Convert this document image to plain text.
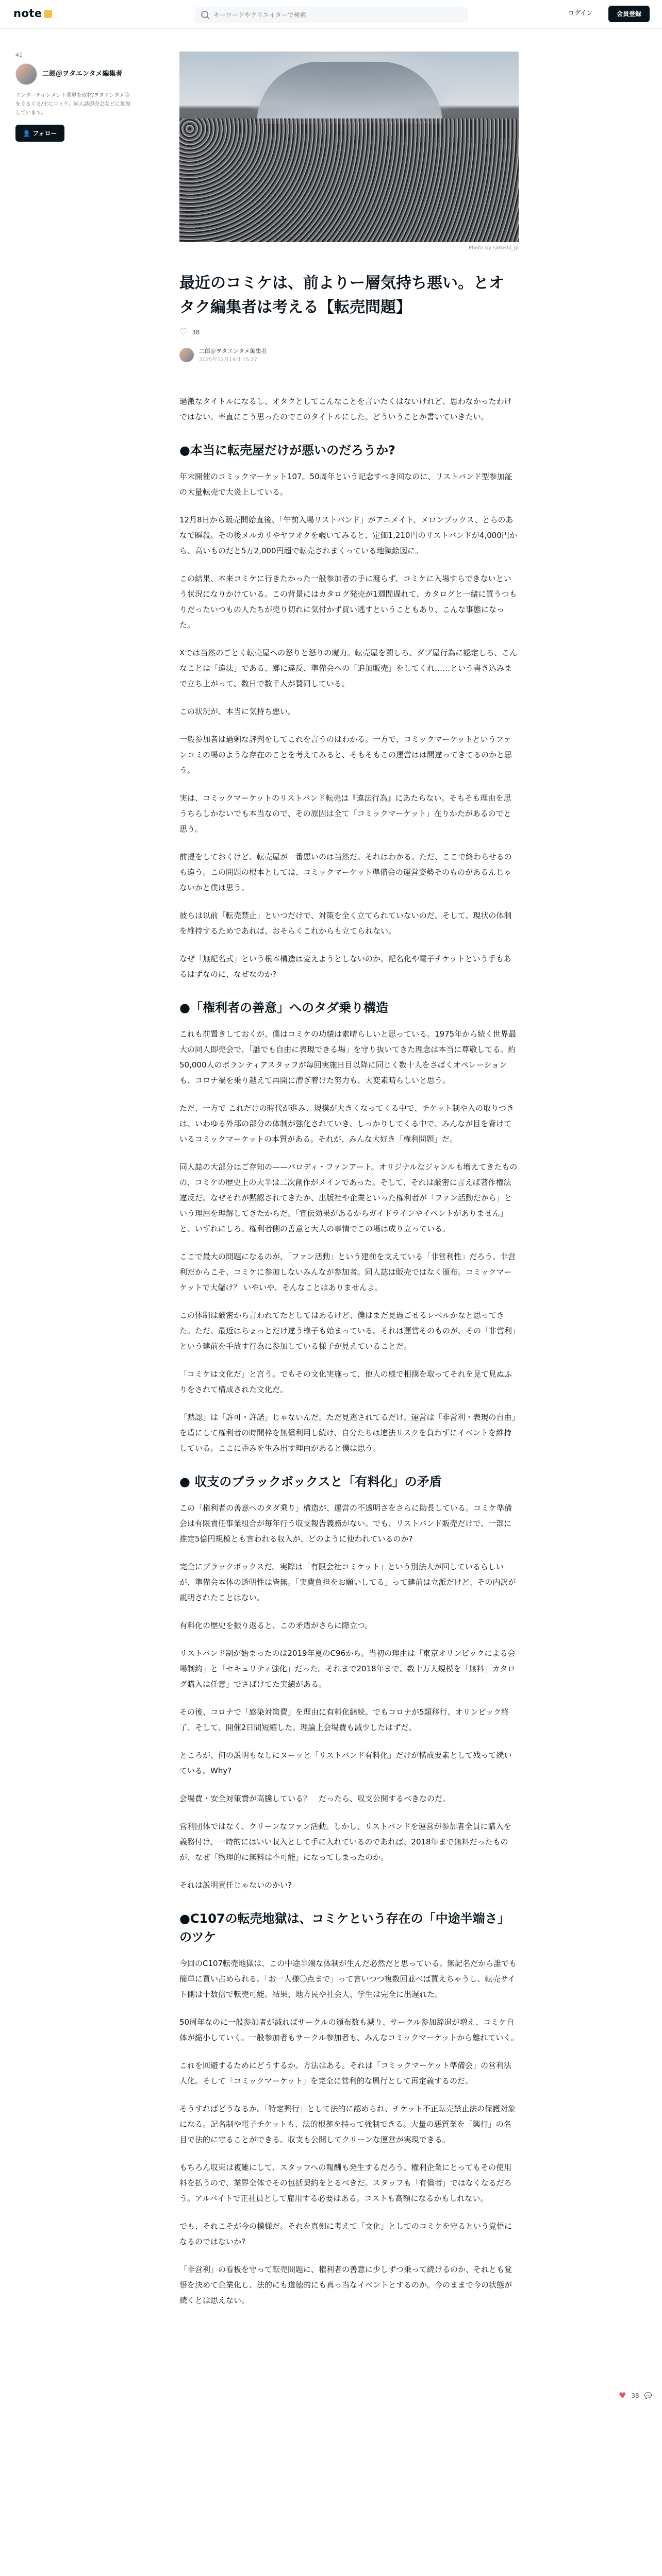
note
キーワードやクリエイターで検索	ログイン	会員登録
41
二郎＠ヲタエンタメ編集者
エンターテインメント業界を取材/ヲタエンタメ等をぐるぐる/主にコミケ、同人誌即売会などに参加しています。
👤 フォロー
Photo by satoshi_jp
最近のコミケは、前よりー層気持ち悪い。とオタク編集者は考える【転売問題】
♡ 38
二郎＠ヲタエンタメ編集者
2025年12月14日 15:27

過激なタイトルになるし、オタクとしてこんなことを言いたくはないけれど、思わなかったわけではない。率直にこう思ったのでこのタイトルにした。どういうことか書いていきたい。

●本当に転売屋だけが悪いのだろうか?

年末開催のコミックマーケット107。50周年という記念すべき回なのに、リストバンド型参加証の大量転売で大炎上している。

12月8日から販売開始直後、「午前入場リストバンド」がアニメイト、メロンブックス、とらのあなで瞬殺。その後メルカリやヤフオクを覗いてみると、定価1,210円のリストバンドが4,000円から、高いものだと5万2,000円超で転売されまくっている地獄絵図に。

この結果、本来コミケに行きたかった一般参加者の手に渡らず、コミケに入場すらできないという状況になりかけている。この背景にはカタログ発売が1週間遅れて、カタログと一緒に買うつもりだったいつもの人たちが売り切れに気付かず買い逃すということもあり、こんな事態になった。

Xでは当然のごとく転売屋への怒りと怒りの魔力。転売屋を罰しろ、ダブ屋行為に認定しろ、こんなことは「違法」である、郷に違反、準備会への「追加販売」をしてくれ……という書き込みまで立ち上がって、数日で数千人が賛同している。

この状況が、本当に気持ち悪い。

一般参加者は過剰な評判をしてこれを言うのはわかる。一方で、コミックマーケットというファンコミの場のような存在のことを考えてみると、そもそもこの運営はは間違ってきてるのかと思う。

実は、コミックマーケットのリストバンド転売は『違法行為』にあたらない。そもそも理由を思うちらしかないでも本当なので、その原因は全て「コミックマーケット」在りかたがあるのでと思う。

前提をしておくけど、転売屋が一番悪いのは当然だ。それはわかる。ただ、ここで終わらせるのも違う。この問題の根本としては、コミックマーケット準備会の運営姿勢そのものがあるんじゃないかと僕は思う。

彼らは以前「転売禁止」といつだけで、対策を全く立てられていないのだ。そして、現状の体制を維持するためであれば、おそらくこれからも立てられない。

なぜ「無記名式」という根本構造は変えようとしないのか。記名化や電子チケットという手もあるはずなのに、なぜなのか?

●「権利者の善意」へのタダ乗り構造

これも前置きしておくが、僕はコミケの功績は素晴らしいと思っている。1975年から続く世界最大の同人即売会で、「誰でも自由に表現できる場」を守り抜いてきた理念は本当に尊敬してる。約50,000人のボランティアスタッフが毎回実施日目以降に同じく数十人をさばくオペレーションも、コロナ禍を乗り越えて再開に漕ぎ着けた努力も、大変素晴らしいと思う。

ただ、一方で これだけの時代が進み、規模が大きくなってくる中で、チケット制や入の取りつきは、いわゆる外部の部分の体制が強化されていき、しっかりしてくる中で、みんなが目を背けているコミックマーケットの本質がある。それが、みんな大好き「権利問題」だ。

同人誌の大部分はご存知の——パロディ・ファンアート。オリジナルなジャンルも増えてきたものの、コミケの歴史上の大半は二次創作がメインであった。そして、それは厳密に言えば著作権法違反だ。なぜそれが黙認されてきたか、出版社や企業といった権利者が「ファン活動だから」という理屈を理解してきたからだ。「宣伝効果があるからガイドラインやイベントがありません」と、いずれにしろ、権利者側の善意と大人の事情でこの場は成り立っている。

ここで最大の問題になるのが、「ファン活動」という建前を支えている「非営利性」だろう。非営利だからこそ、コミケに参加しないみんなが参加者。同人誌は販売ではなく頒布。コミックマーケットで大儲け？ いやいや、そんなことはありませんよ。

この体制は厳密から言われてたとしてはあるけど、僕はまだ見過ごせるレベルかなと思ってきた。ただ、最近はちょっとだけ違う様子も始まっている。それは運営そのものが、その「非営利」という建前を手放す行為に参加している様子が見えていることだ。

「コミケは文化だ」と言う。でもその文化実施って、他人の様で相撲を取ってそれを見て見ぬふりをされて構成された文化だ。

「黙認」は「許可・許諾」じゃないんだ。ただ見逃されてるだけ。運営は「非営利・表現の自由」を盾にして権利者の時間枠を無償利用し続け、自分たちは違法リスクを負わずにイベントを維持している。ここに歪みを生み出す理由があると僕は思う。

● 収支のブラックボックスと「有料化」の矛盾

この「権利者の善意へのタダ乗り」構造が、運営の不透明さをさらに助長している。コミケ準備会は有限責任事業組合が毎年行う収支報告義務がない。でも、リストバンド販売だけで、一部に推定5億円規模とも言われる収入が、どのように使われているのか?

完全にブラックボックスだ。実際は「有限会社コミケット」という別法人が回しているらしいが、準備会本体の透明性は皆無。「実費負担をお願いしてる」って建前は立派だけど、その内訳が説明されたことはない。

有料化の歴史を振り返ると、この矛盾がさらに際立つ。

リストバンド制が始まったのは2019年夏のC96から。当初の理由は「東京オリンピックによる会場制約」と「セキュリティ強化」だった。それまで2018年まで、数十万人規模を「無料」カタログ購入は任意」でさばけてた実績がある。

その後、コロナで「感染対策費」を理由に有料化継続。でもコロナが5類移行、オリンピック終了、そして、開催2日間短縮した。理論上会場費も減少したはずだ。

ところが、何の説明もなしにヌーッと「リストバンド有料化」だけが構成要素として残って続いている。Why?

会場費・安全対策費が高騰している？　だったら、収支公開するべきなのだ。

営利団体ではなく、クリーンなファン活動。しかし、リストバンドを運営が参加者全員に購入を義務付け、一時的にはいい収入として手に入れているのであれば、2018年まで無料だったものが、なぜ「物理的に無料は不可能」になってしまったのか。

それは説明責任じゃないのかい?

●C107の転売地獄は、コミケという存在の「中途半端さ」のツケ

今回のC107転売地獄は、この中途半端な体制が生んだ必然だと思っている。無記名だから誰でも簡単に買い占められる。「お一人様〇点まで」って言いつつ複数回並べば買えちゃうし、転売サイト側は十数倍で転売可能。結果、地方民や社会人、学生は完全に出遅れた。

50周年なのに一般参加者が減ればサークルの頒布数も減り、サークル参加辞退が増え、コミケ自体が縮小していく。一般参加者もサークル参加者も、みんなコミックマーケットから離れていく。

これを回避するためにどうするか。方法はある。それは「コミックマーケット準備会」の営利法人化。そして「コミックマーケット」を完全に営利的な興行として再定義するのだ。

そうすればどうなるか。「特定興行」として法的に認められ、チケット不正転売禁止法の保護対象になる。記名制や電子チケットも、法的根拠を持って強制できる。大量の悪質業を「興行」の名目で法的に守ることができる。収支も公開してクリーンな運営が実現できる。

もちろん収束は複雑にして、スタッフへの報酬も発生するだろう。権利企業にとってもその使用料を払うので、業界全体でその包括契約をとるべきだ。スタッフも「有償者」ではなくなるだろう。アルバイトで正社員として雇用する必要はある。コストも高額になるかもしれない。

でも、それこそが今の模様だ。それを真剣に考えて「文化」としてのコミケを守るという覚悟になるのではないか?

「非営利」の看板を守って転売問題に、権利者の善意に少しずつ乗って続けるのか、それとも覚悟を決めて企業化し、法的にも道徳的にも真っ当なイベントとするのか。今のままで今の状態が続くとは思えない。

♥ 38 💬
